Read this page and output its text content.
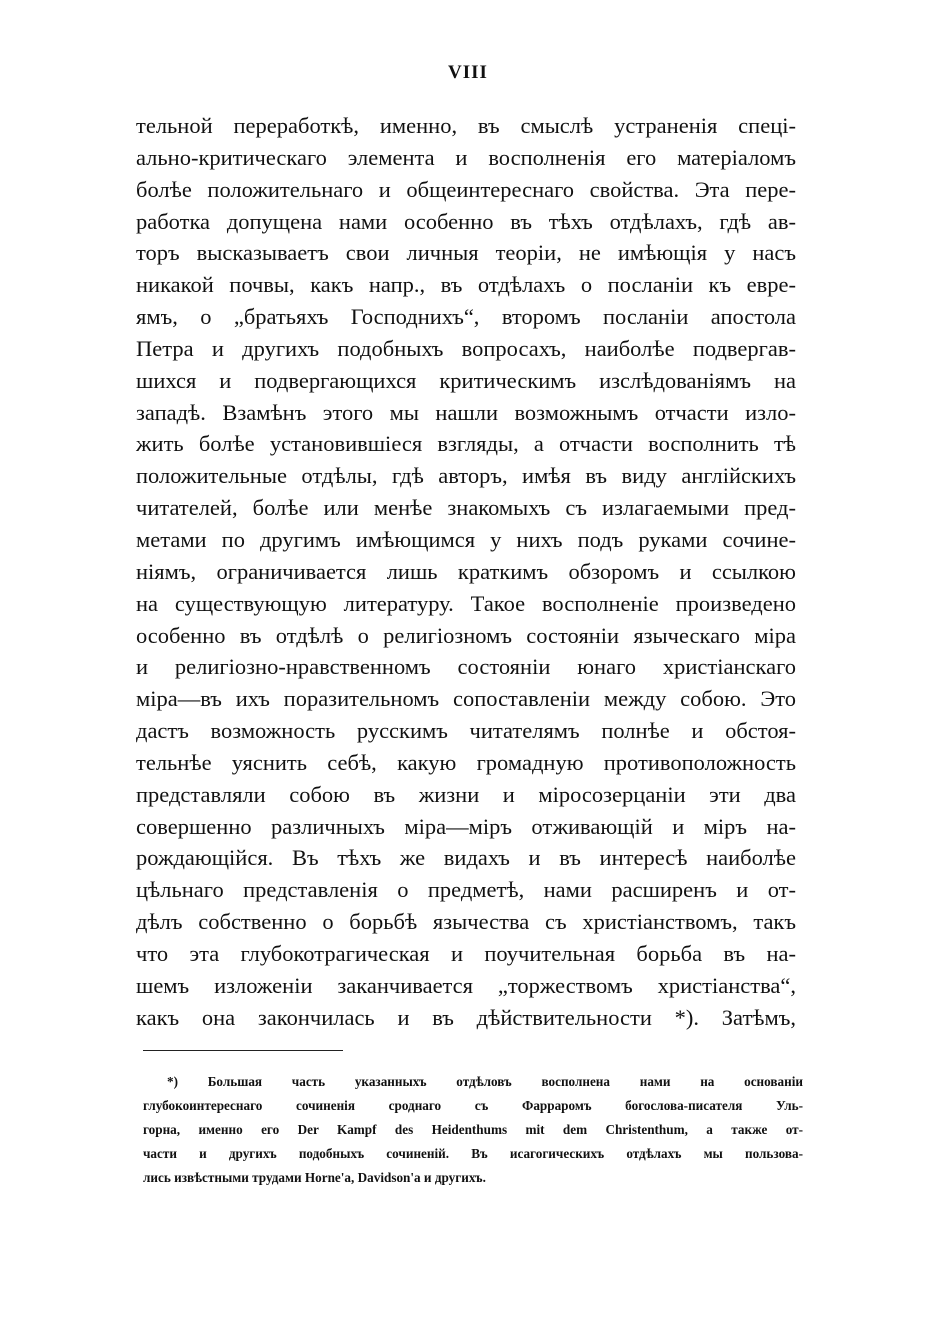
VIII
тельной переработкѣ, именно, въ смыслѣ устраненія спеці-
ально-критическаго элемента и восполненія его матеріаломъ
болѣе положительнаго и общеинтереснаго свойства. Эта пере-
работка допущена нами особенно въ тѣхъ отдѣлахъ, гдѣ ав-
торъ высказываетъ свои личныя теоріи, не имѣющія у насъ
никакой почвы, какъ напр., въ отдѣлахъ о посланіи къ евре-
ямъ, о „братьяхъ Господнихъ“, второмъ посланіи апостола
Петра и другихъ подобныхъ вопросахъ, наиболѣе подвергав-
шихся и подвергающихся критическимъ изслѣдованіямъ на
западѣ. Взамѣнъ этого мы нашли возможнымъ отчасти изло-
жить болѣе установившіеся взгляды, а отчасти восполнить тѣ
положительные отдѣлы, гдѣ авторъ, имѣя въ виду англійскихъ
читателей, болѣе или менѣе знакомыхъ съ излагаемыми пред-
метами по другимъ имѣющимся у нихъ подъ руками сочине-
ніямъ, ограничивается лишь краткимъ обзоромъ и ссылкою
на существующую литературу. Такое восполненіе произведено
особенно въ отдѣлѣ о религіозномъ состояніи языческаго міра
и религіозно-нравственномъ состояніи юнаго христіанскаго
міра—въ ихъ поразительномъ сопоставленіи между собою. Это
дастъ возможность русскимъ читателямъ полнѣе и обстоя-
тельнѣе уяснить себѣ, какую громадную противоположность
представляли собою въ жизни и міросозерцаніи эти два
совершенно различныхъ міра—міръ отживающій и міръ на-
рождающійся. Въ тѣхъ же видахъ и въ интересѣ наиболѣе
цѣльнаго представленія о предметѣ, нами расширенъ и от-
дѣлъ собственно о борьбѣ язычества съ христіанствомъ, такъ
что эта глубокотрагическая и поучительная борьба въ на-
шемъ изложеніи заканчивается „торжествомъ христіанства“,
какъ она закончилась и въ дѣйствительности *). Затѣмъ,
*) Большая часть указанныхъ отдѣловъ восполнена нами на основаніи
глубокоинтереснаго сочиненія сроднаго съ Фарраромъ богослова-писателя Уль-
горна, именно его Der Kampf des Heidenthums mit dem Christenthum, а также от-
части и другихъ подобныхъ сочиненій. Въ исагогическихъ отдѣлахъ мы пользова-
лись извѣстными трудами Horne'a, Davidson'a и другихъ.
